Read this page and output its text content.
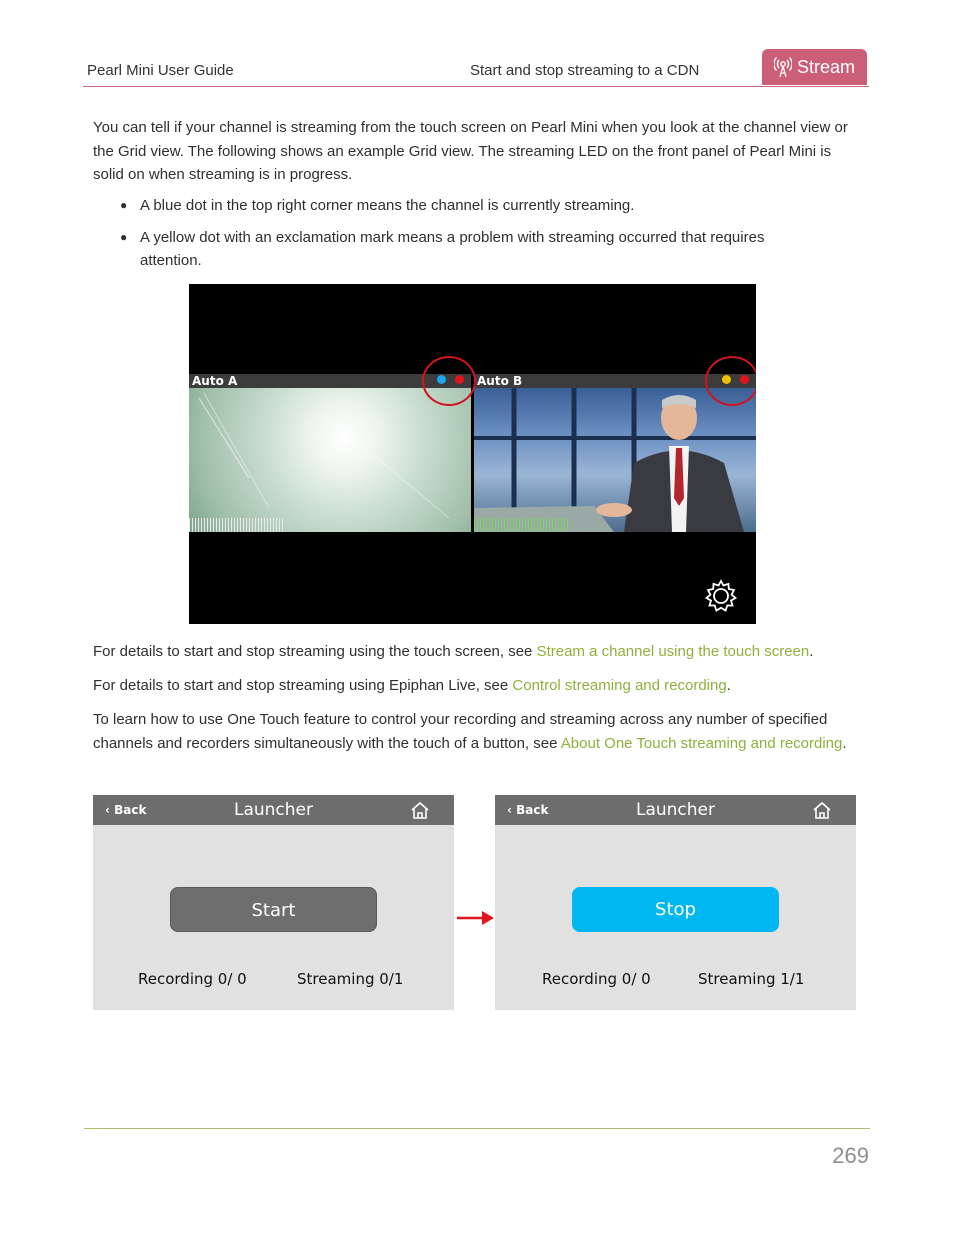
Pearl Mini User Guide	Start and stop streaming to a CDN	Stream
You can tell if your channel is streaming from the touch screen on Pearl Mini when you look at the channel view or the Grid view. The following shows an example Grid view. The streaming LED on the front panel of Pearl Mini is solid on when streaming is in progress.
● A blue dot in the top right corner means the channel is currently streaming.
● A yellow dot with an exclamation mark means a problem with streaming occurred that requires attention.
Auto A	Auto B
For details to start and stop streaming using the touch screen, see Stream a channel using the touch screen.
For details to start and stop streaming using Epiphan Live, see Control streaming and recording.
To learn how to use One Touch feature to control your recording and streaming across any number of specified channels and recorders simultaneously with the touch of a button, see About One Touch streaming and recording.
‹ Back	Launcher
Start
Recording 0/ 0	Streaming 0/1
‹ Back	Launcher
Stop
Recording 0/ 0	Streaming 1/1
269
